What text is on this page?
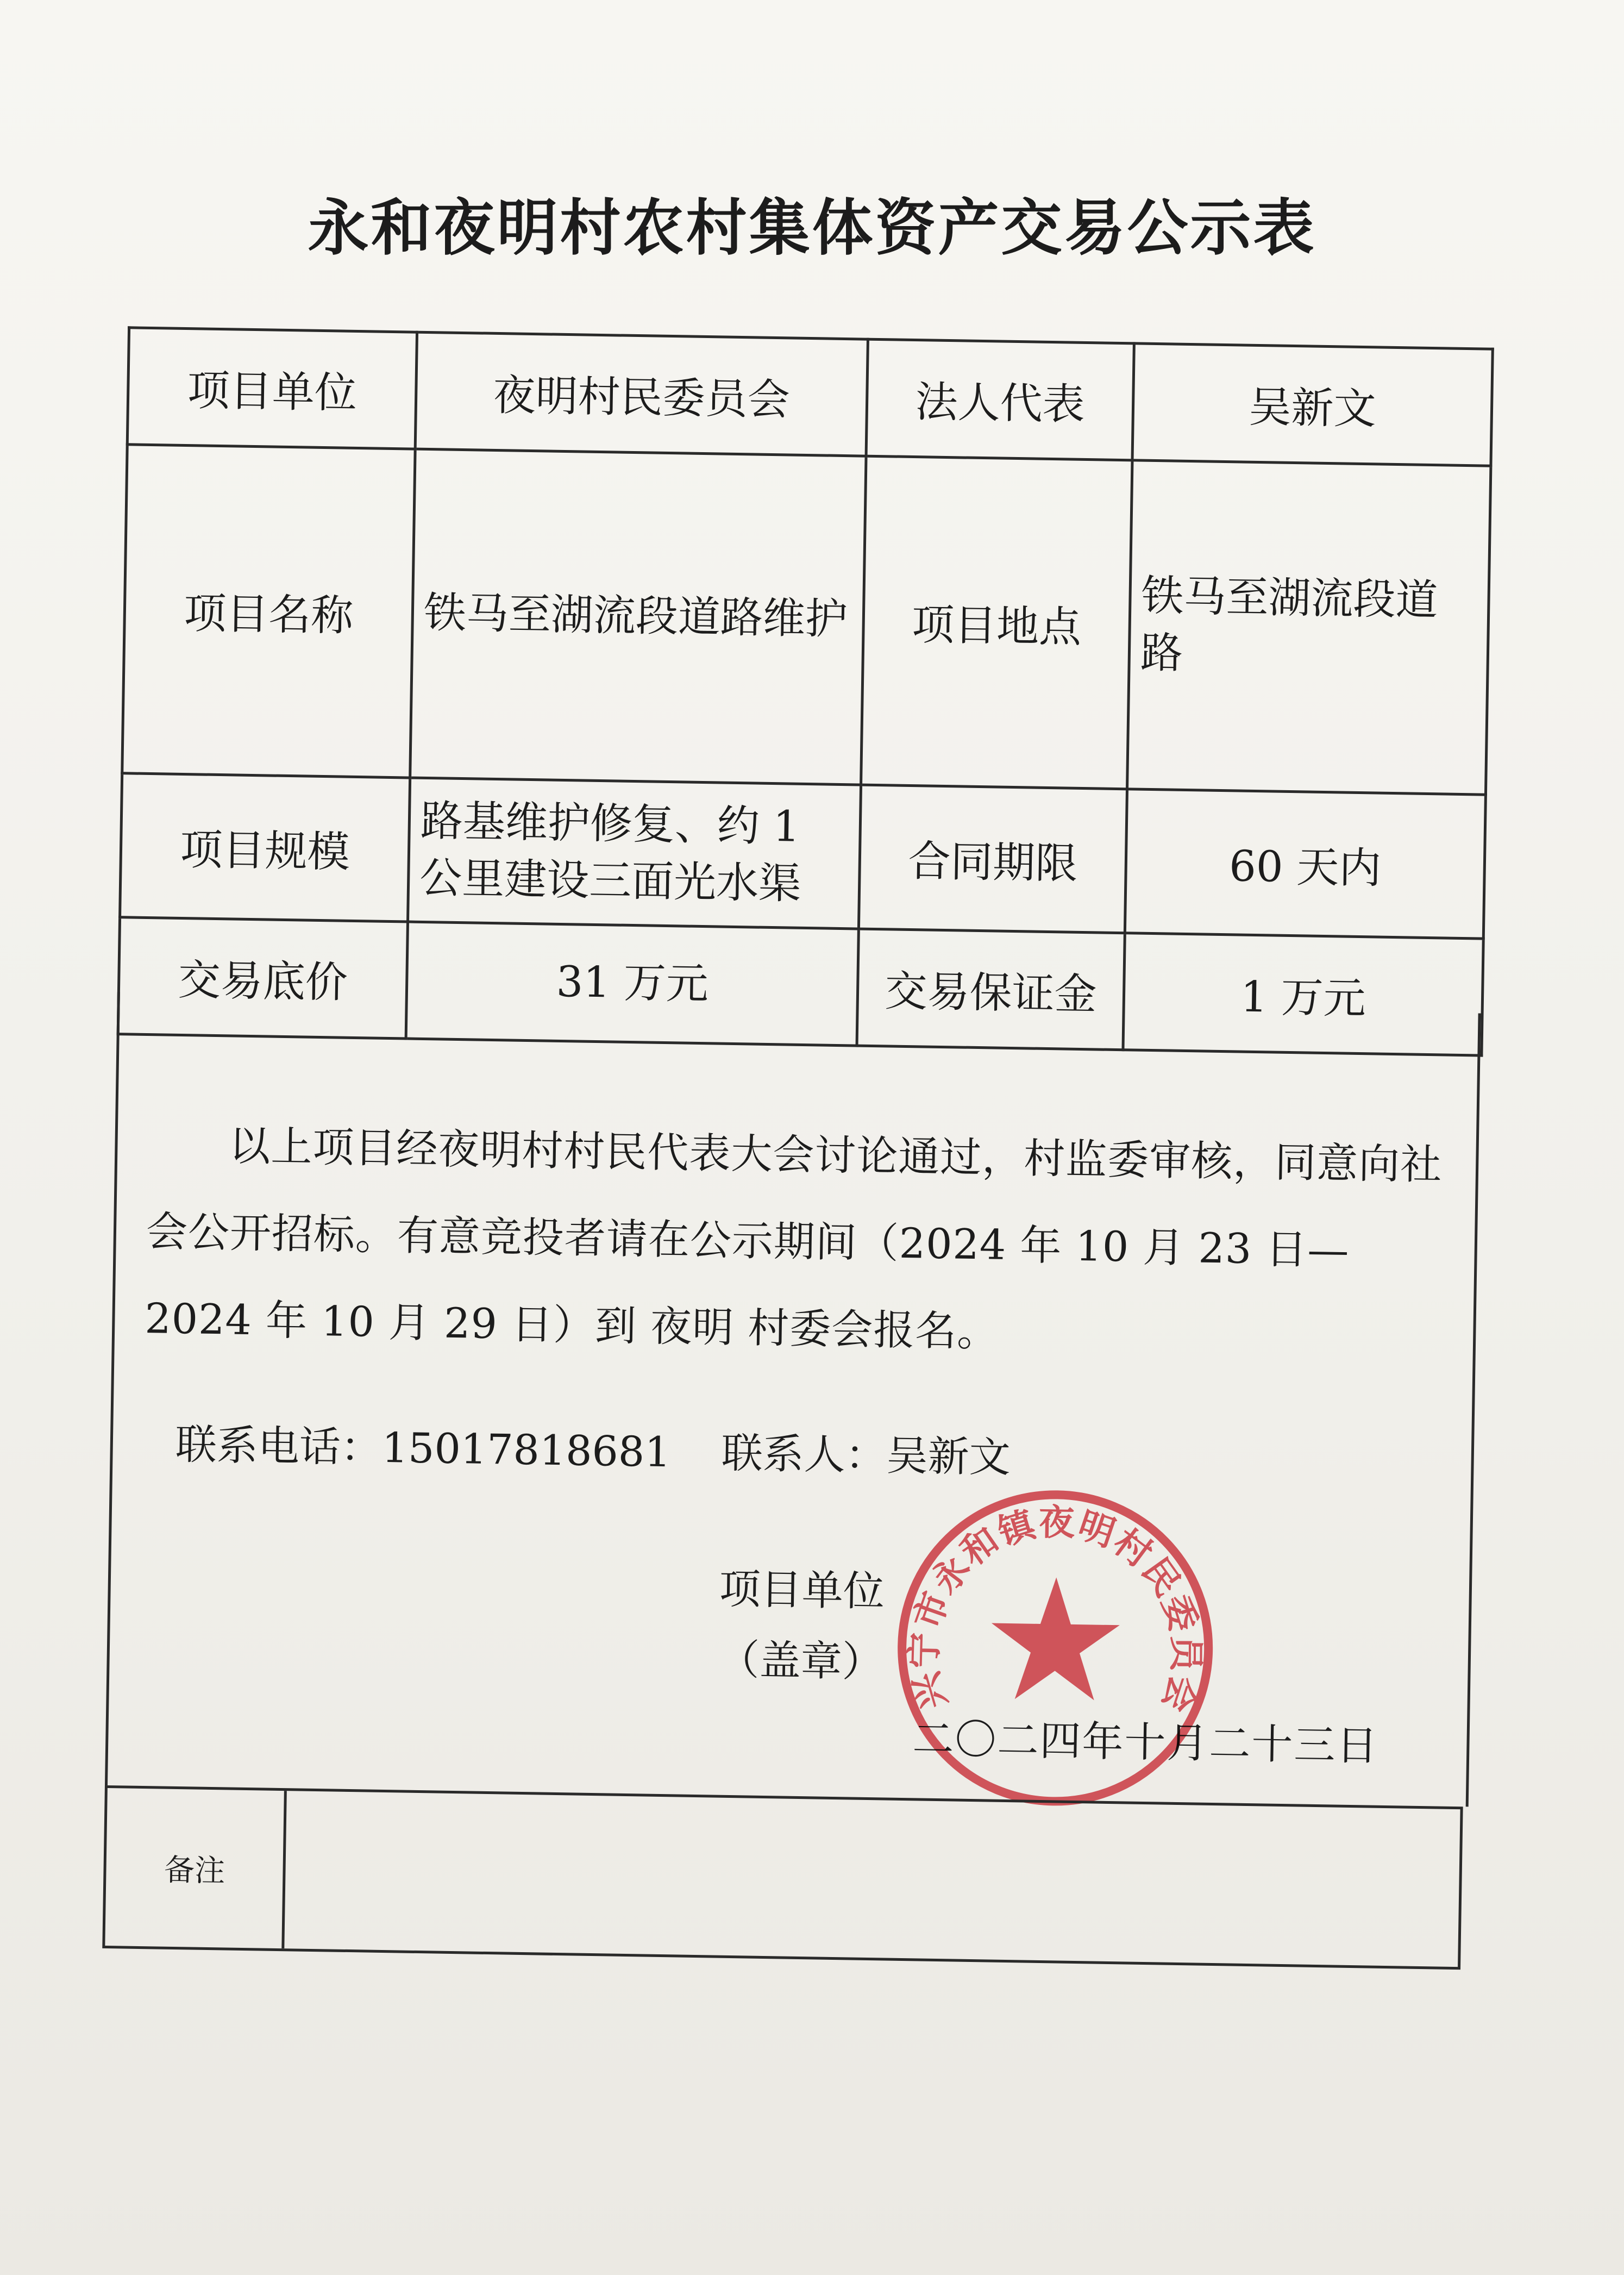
永和夜明村农村集体资产交易公示表
项目单位	夜明村民委员会	法人代表	吴新文
项目名称	铁马至湖流段道路维护	项目地点	铁马至湖流段道路
项目规模	路基维护修复、约 1 公里建设三面光水渠	合同期限	60 天内
交易底价	31 万元	交易保证金	1 万元
以上项目经夜明村村民代表大会讨论通过，村监委审核，同意向社会公开招标。有意竞投者请在公示期间（2024 年 10 月 23 日—2024 年 10 月 29 日）到 夜明 村委会报名。
联系电话：15017818681 联系人：吴新文
项目单位
（盖章）
二〇二四年十月二十三日
兴宁市永和镇夜明村民委员会
备注
